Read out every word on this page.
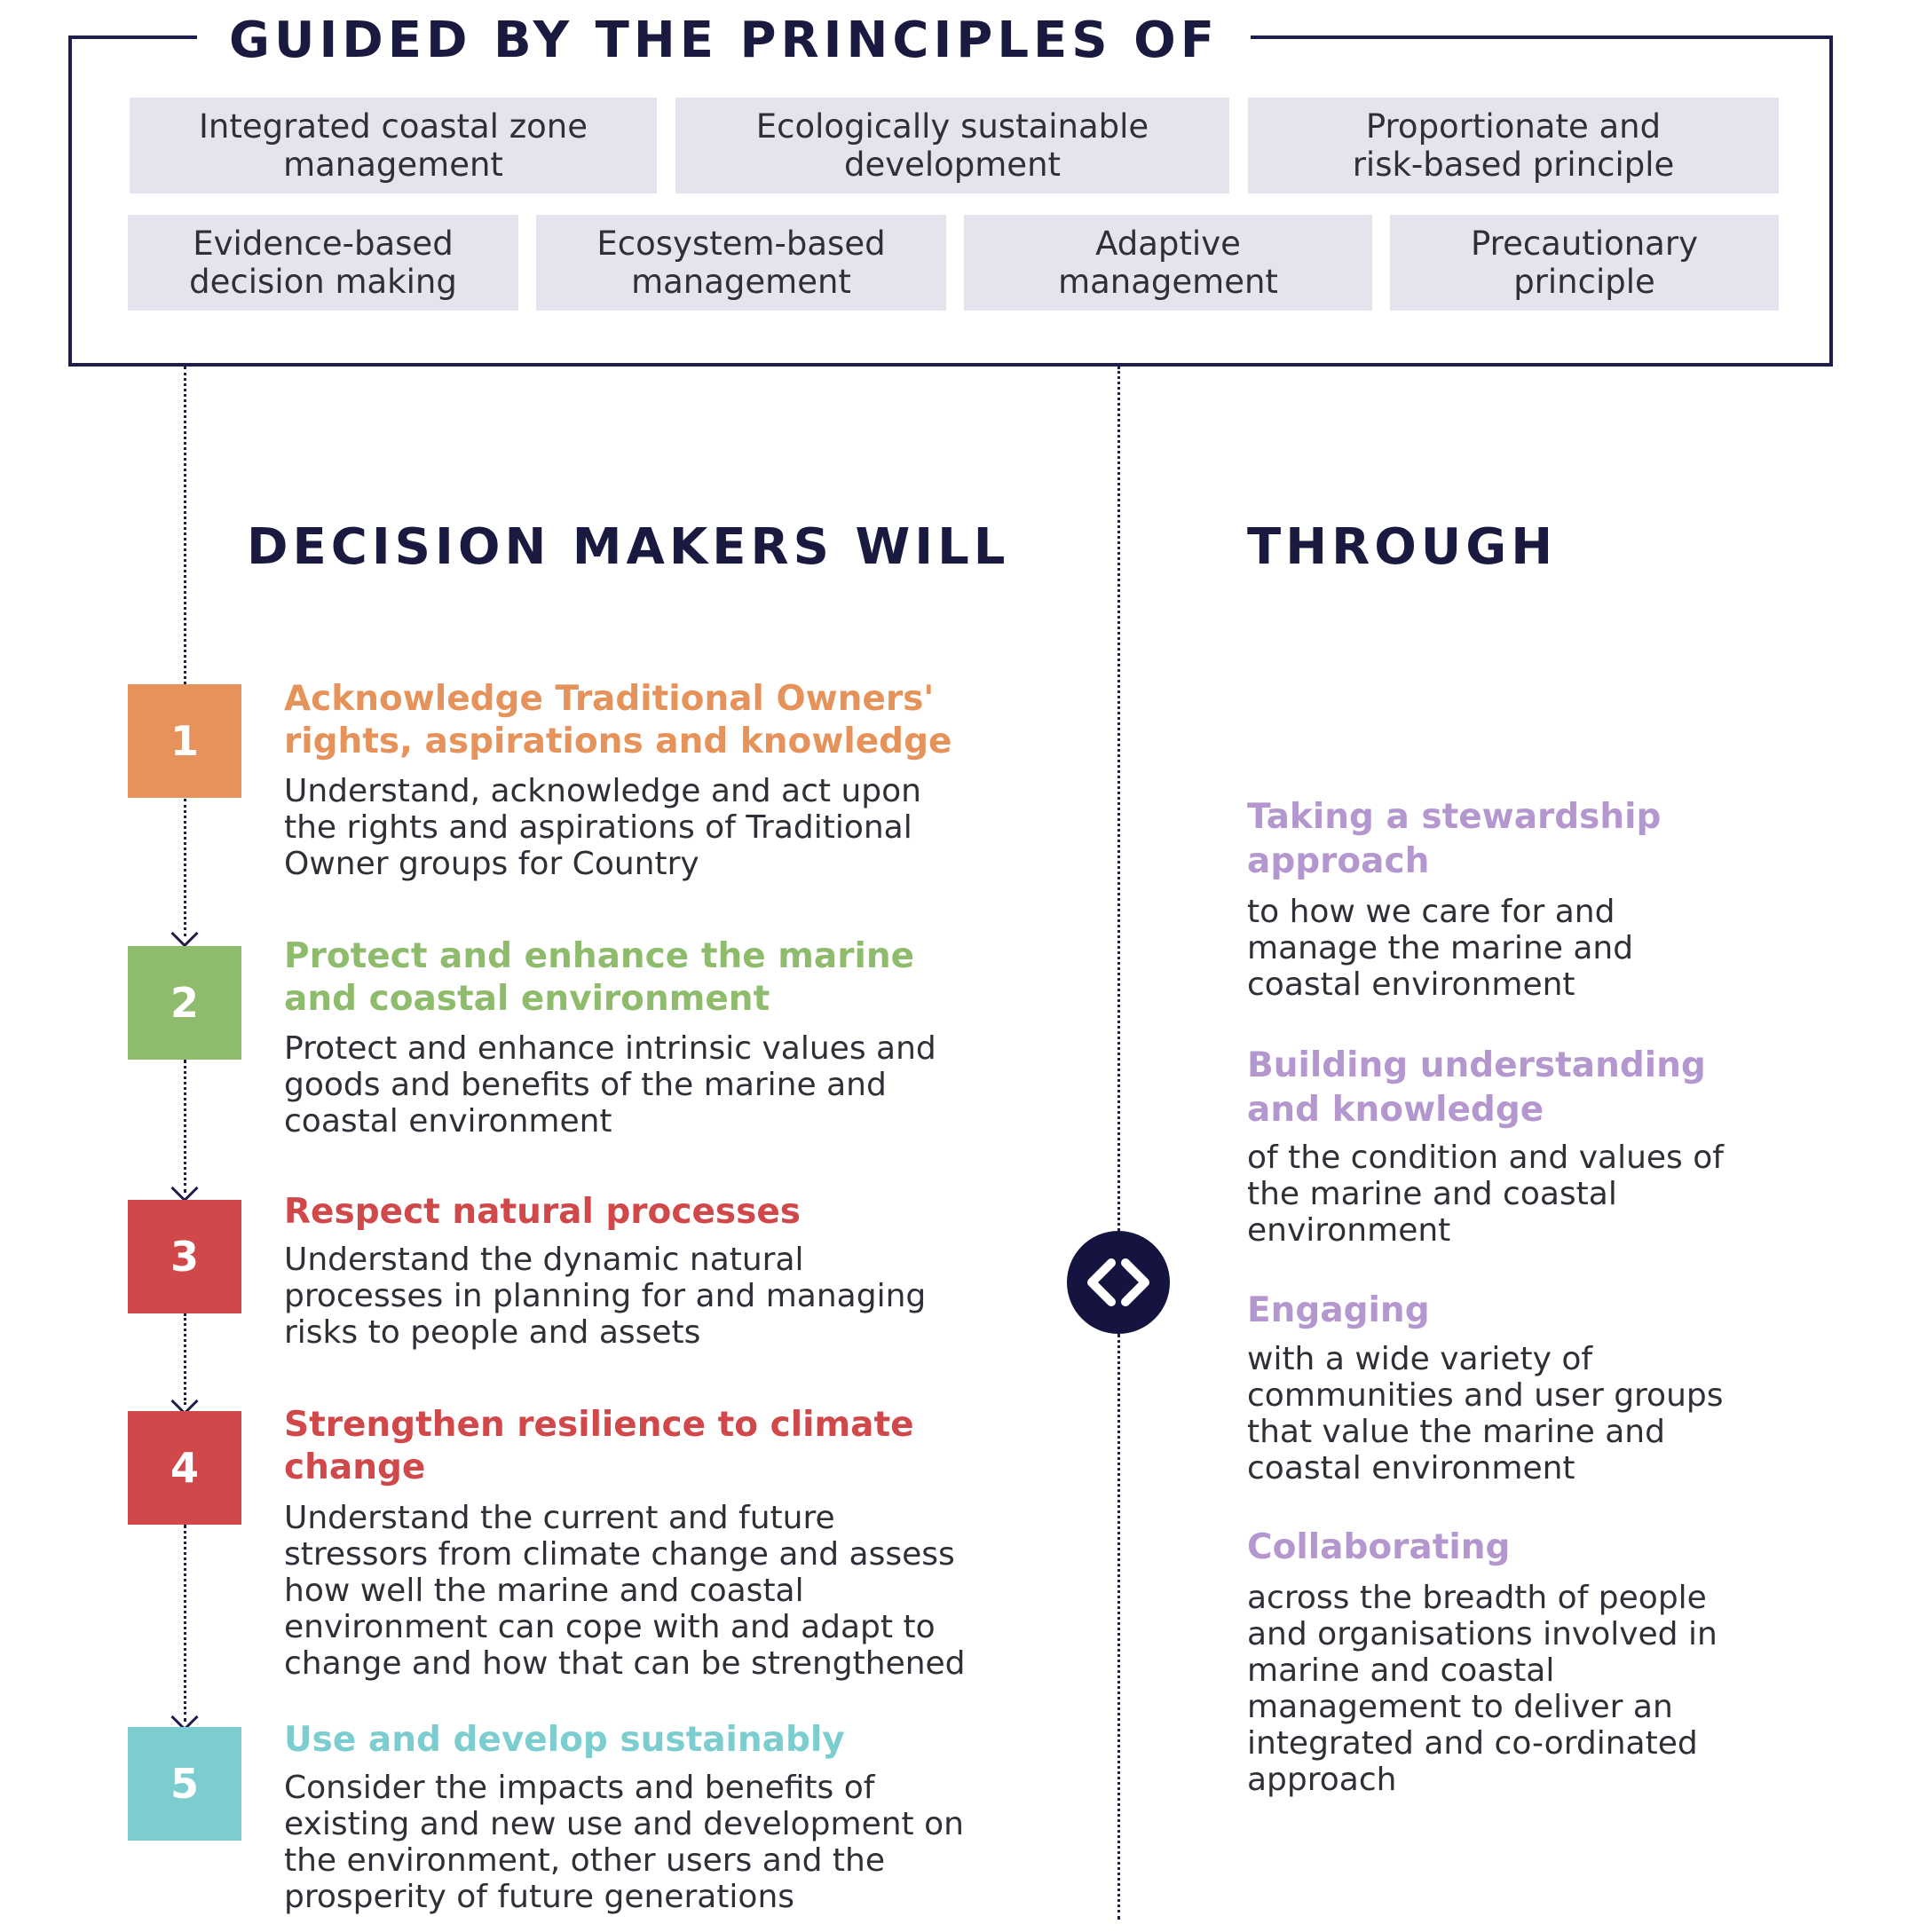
GUIDED BY THE PRINCIPLES OF
Integrated coastal zone
management
Ecologically sustainable
development
Proportionate and
risk-based principle
Evidence-based
decision making
Ecosystem-based
management
Adaptive
management
Precautionary
principle
DECISION MAKERS WILL	THROUGH
1
Acknowledge Traditional Owners'
rights, aspirations and knowledge
Understand, acknowledge and act upon
the rights and aspirations of Traditional
Owner groups for Country
2
Protect and enhance the marine
and coastal environment
Protect and enhance intrinsic values and
goods and benefits of the marine and
coastal environment
3
Respect natural processes
Understand the dynamic natural
processes in planning for and managing
risks to people and assets
4
Strengthen resilience to climate
change
Understand the current and future
stressors from climate change and assess
how well the marine and coastal
environment can cope with and adapt to
change and how that can be strengthened
5
Use and develop sustainably
Consider the impacts and benefits of
existing and new use and development on
the environment, other users and the
prosperity of future generations
Taking a stewardship
approach
to how we care for and
manage the marine and
coastal environment
Building understanding
and knowledge
of the condition and values of
the marine and coastal
environment
Engaging
with a wide variety of
communities and user groups
that value the marine and
coastal environment
Collaborating
across the breadth of people
and organisations involved in
marine and coastal
management to deliver an
integrated and co-ordinated
approach
